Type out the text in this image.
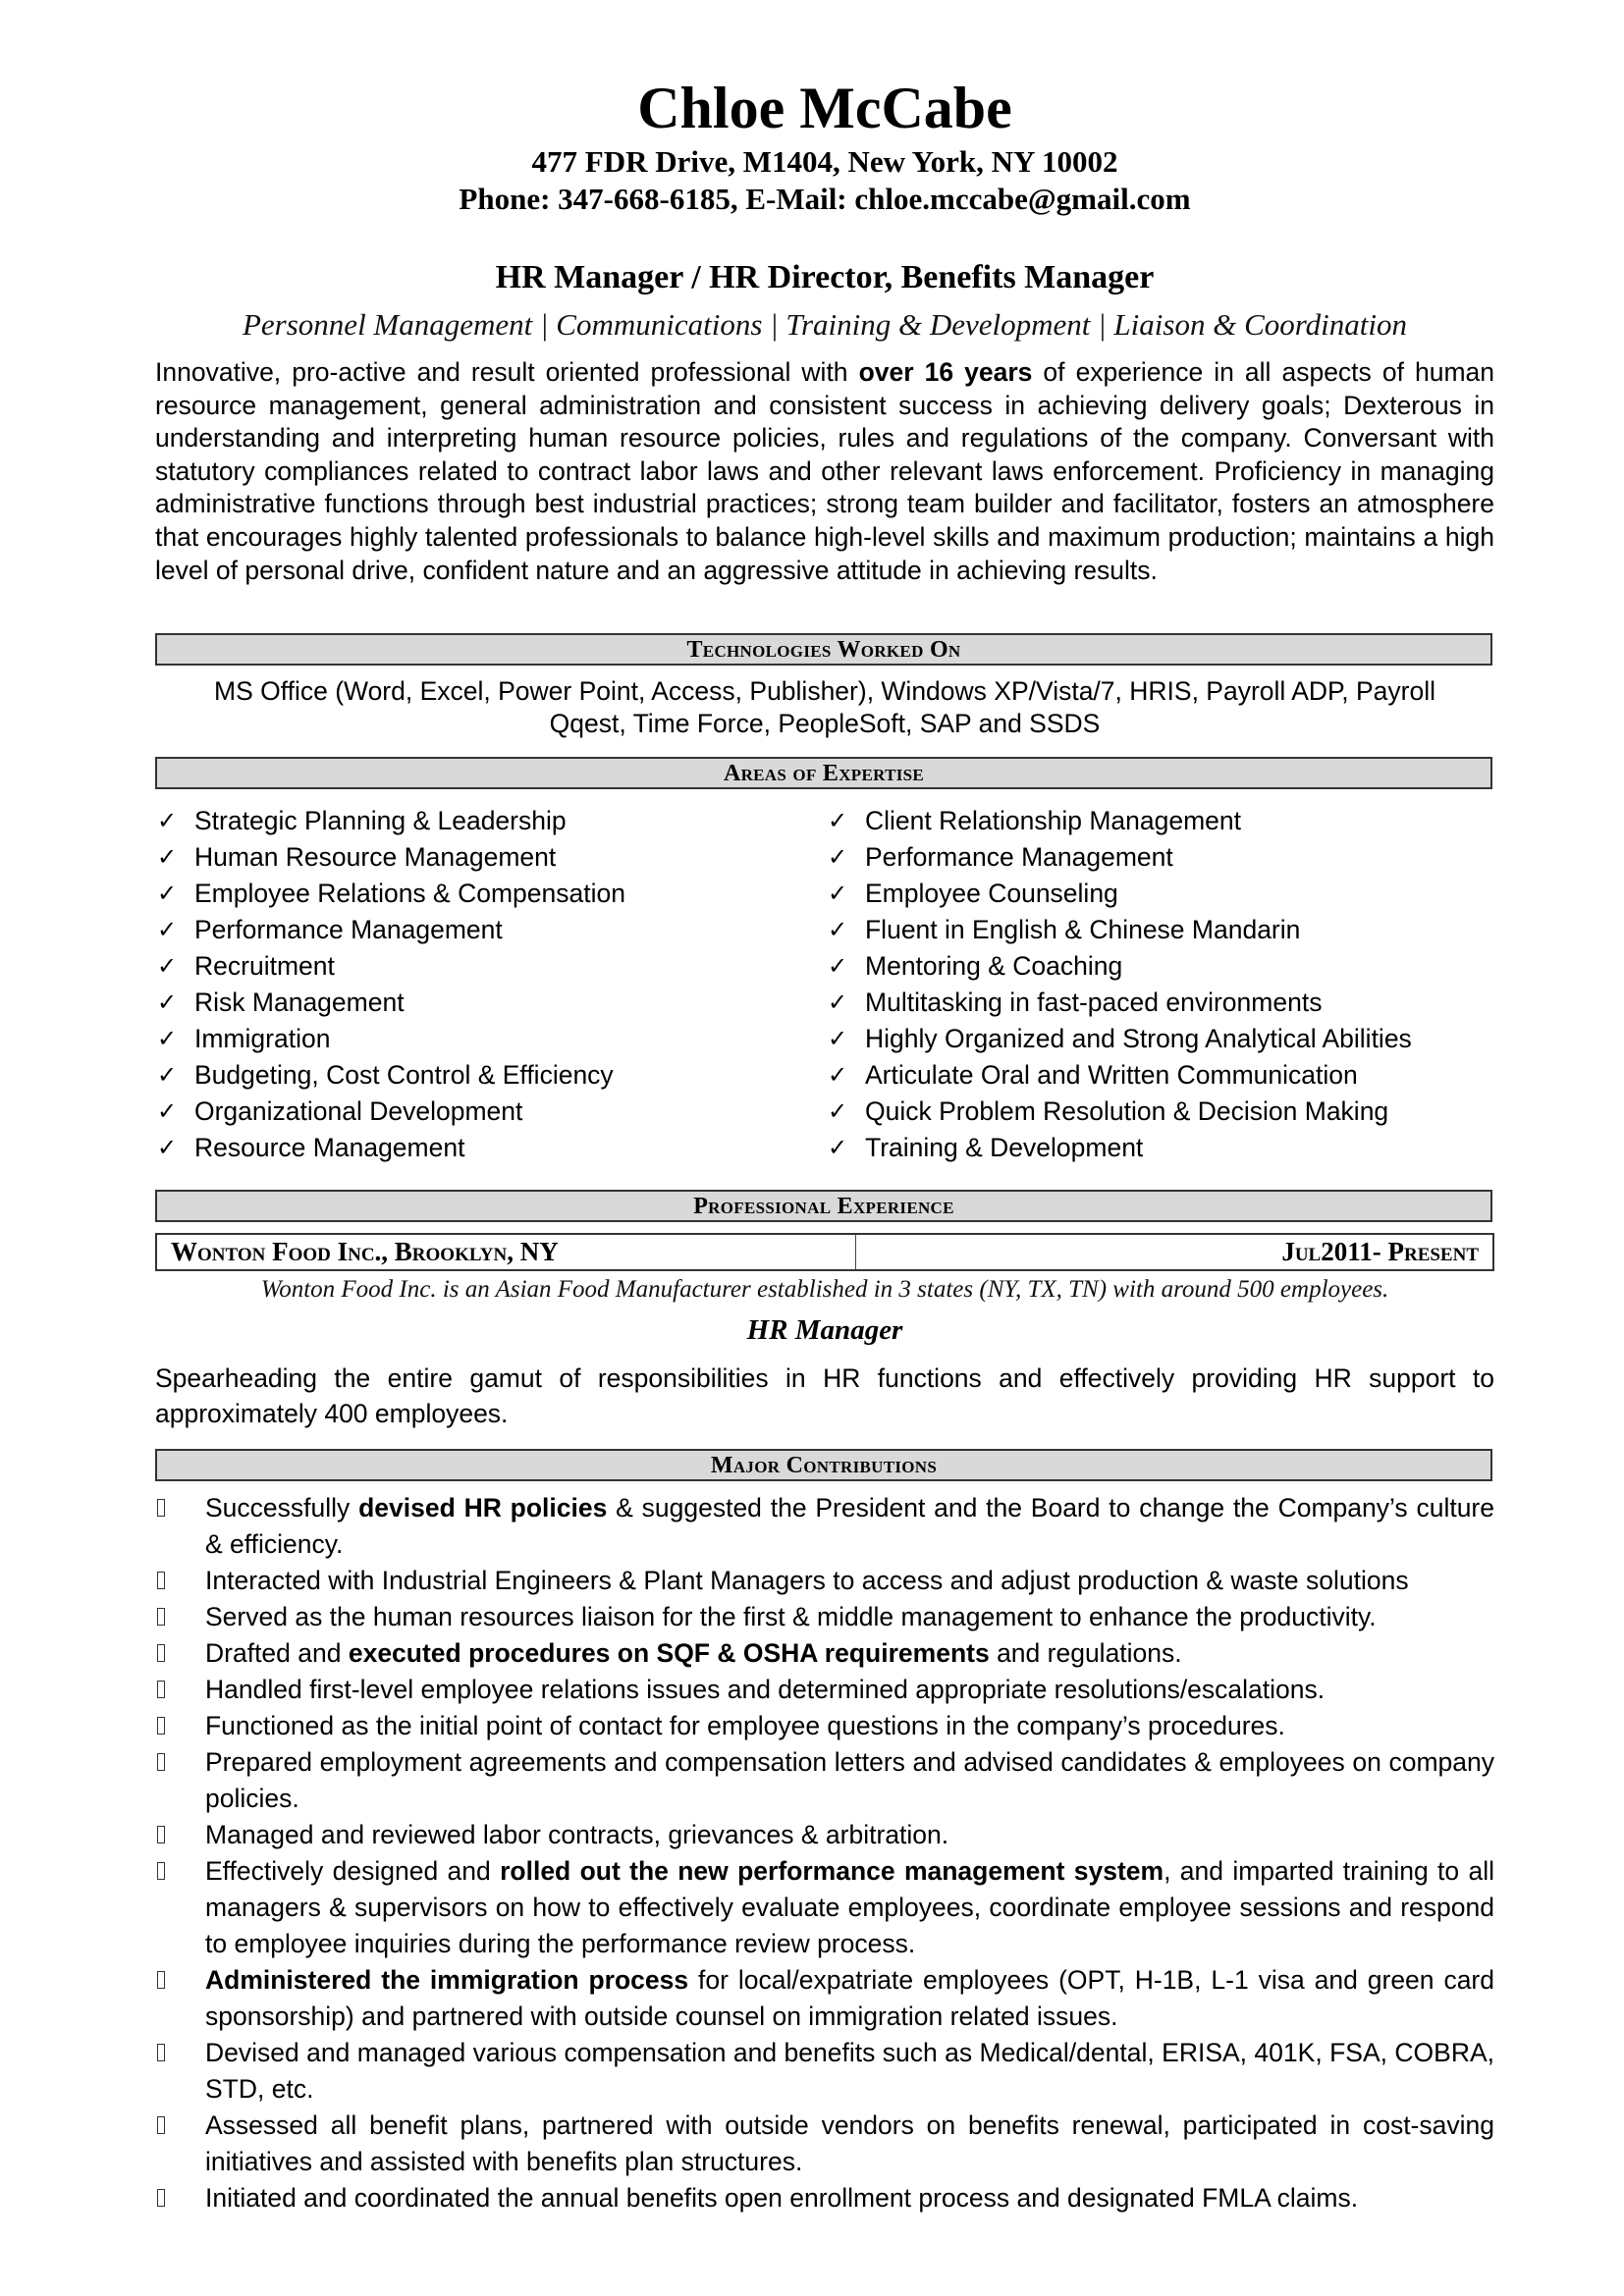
Chloe McCabe
477 FDR Drive, M1404, New York, NY 10002
Phone: 347-668-6185, E-Mail: chloe.mccabe@gmail.com
HR Manager / HR Director, Benefits Manager
Personnel Management | Communications | Training & Development | Liaison & Coordination
Innovative, pro-active and result oriented professional with over 16 years of experience in all aspects of human resource management, general administration and consistent success in achieving delivery goals; Dexterous in understanding and interpreting human resource policies, rules and regulations of the company. Conversant with statutory compliances related to contract labor laws and other relevant laws enforcement. Proficiency in managing administrative functions through best industrial practices; strong team builder and facilitator, fosters an atmosphere that encourages highly talented professionals to balance high-level skills and maximum production; maintains a high level of personal drive, confident nature and an aggressive attitude in achieving results.
Technologies Worked On
MS Office (Word, Excel, Power Point, Access, Publisher), Windows XP/Vista/7, HRIS, Payroll ADP, Payroll
Qqest, Time Force, PeopleSoft, SAP and SSDS
Areas of Expertise
✓ Strategic Planning & Leadership
✓ Human Resource Management
✓ Employee Relations & Compensation
✓ Performance Management
✓ Recruitment
✓ Risk Management
✓ Immigration
✓ Budgeting, Cost Control & Efficiency
✓ Organizational Development
✓ Resource Management
✓ Client Relationship Management
✓ Performance Management
✓ Employee Counseling
✓ Fluent in English & Chinese Mandarin
✓ Mentoring & Coaching
✓ Multitasking in fast-paced environments
✓ Highly Organized and Strong Analytical Abilities
✓ Articulate Oral and Written Communication
✓ Quick Problem Resolution & Decision Making
✓ Training & Development
Professional Experience
Wonton Food Inc., Brooklyn, NY	Jul2011- Present
Wonton Food Inc. is an Asian Food Manufacturer established in 3 states (NY, TX, TN) with around 500 employees.
HR Manager
Spearheading the entire gamut of responsibilities in HR functions and effectively providing HR support to approximately 400 employees.
Major Contributions
Successfully devised HR policies & suggested the President and the Board to change the Company’s culture & efficiency.
Interacted with Industrial Engineers & Plant Managers to access and adjust production & waste solutions
Served as the human resources liaison for the first & middle management to enhance the productivity.
Drafted and executed procedures on SQF & OSHA requirements and regulations.
Handled first-level employee relations issues and determined appropriate resolutions/escalations.
Functioned as the initial point of contact for employee questions in the company’s procedures.
Prepared employment agreements and compensation letters and advised candidates & employees on company policies.
Managed and reviewed labor contracts, grievances & arbitration.
Effectively designed and rolled out the new performance management system, and imparted training to all managers & supervisors on how to effectively evaluate employees, coordinate employee sessions and respond to employee inquiries during the performance review process.
Administered the immigration process for local/expatriate employees (OPT, H-1B, L-1 visa and green card sponsorship) and partnered with outside counsel on immigration related issues.
Devised and managed various compensation and benefits such as Medical/dental, ERISA, 401K, FSA, COBRA, STD, etc.
Assessed all benefit plans, partnered with outside vendors on benefits renewal, participated in cost-saving initiatives and assisted with benefits plan structures.
Initiated and coordinated the annual benefits open enrollment process and designated FMLA claims.
